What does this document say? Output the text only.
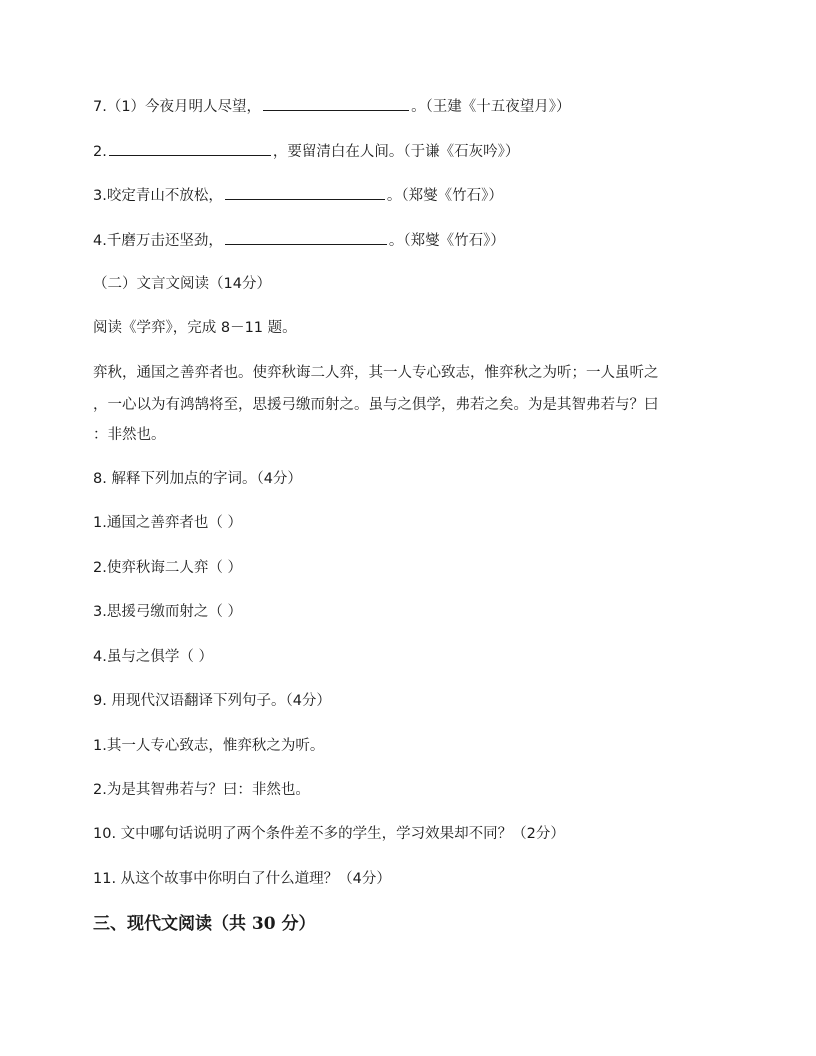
7.（1）今夜月明人尽望，	。（王建《十五夜望月》）
2.	，要留清白在人间。（于谦《石灰吟》）
3.咬定青山不放松，	。（郑燮《竹石》）
4.千磨万击还坚劲，	。（郑燮《竹石》）
（二）文言文阅读（14分）
阅读《学弈》，完成 8－11 题。
弈秋，通国之善弈者也。使弈秋诲二人弈，其一人专心致志，惟弈秋之为听；一人虽听之
，一心以为有鸿鹄将至，思援弓缴而射之。虽与之俱学，弗若之矣。为是其智弗若与？曰
：非然也。
8. 解释下列加点的字词。（4分）
1.通国之善弈者也（ ）
2.使弈秋诲二人弈（ ）
3.思援弓缴而射之（ ）
4.虽与之俱学（ ）
9. 用现代汉语翻译下列句子。（4分）
1.其一人专心致志，惟弈秋之为听。
2.为是其智弗若与？曰：非然也。
10. 文中哪句话说明了两个条件差不多的学生，学习效果却不同？（2分）
11. 从这个故事中你明白了什么道理？（4分）
三、现代文阅读（共 30 分）
